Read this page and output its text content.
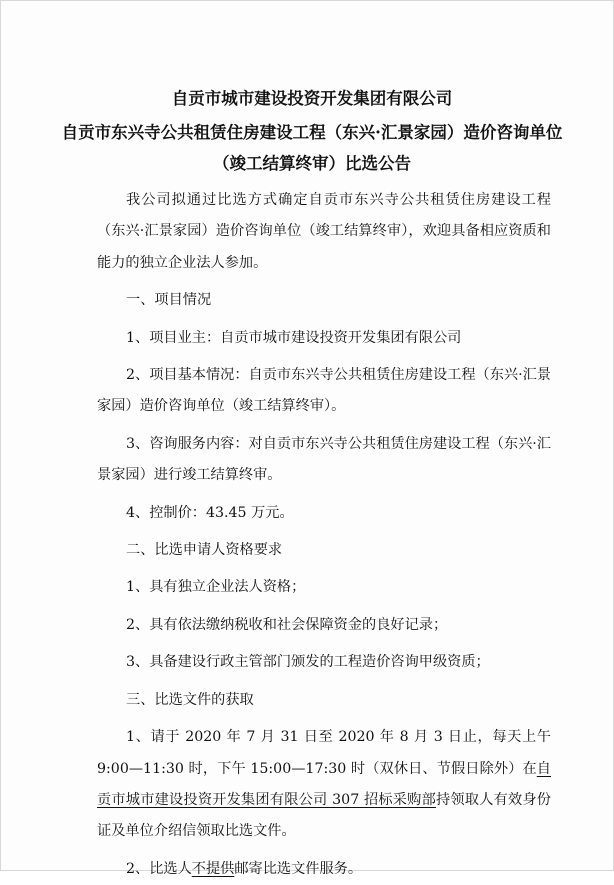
自贡市城市建设投资开发集团有限公司
自贡市东兴寺公共租赁住房建设工程（东兴·汇景家园）造价咨询单位（竣工结算终审）比选公告

我公司拟通过比选方式确定自贡市东兴寺公共租赁住房建设工程（东兴·汇景家园）造价咨询单位（竣工结算终审），欢迎具备相应资质和能力的独立企业法人参加。

一、项目情况

1、项目业主：自贡市城市建设投资开发集团有限公司

2、项目基本情况：自贡市东兴寺公共租赁住房建设工程（东兴·汇景家园）造价咨询单位（竣工结算终审）。

3、咨询服务内容：对自贡市东兴寺公共租赁住房建设工程（东兴·汇景家园）进行竣工结算终审。

4、控制价：43.45 万元。

二、比选申请人资格要求

1、具有独立企业法人资格；

2、具有依法缴纳税收和社会保障资金的良好记录；

3、具备建设行政主管部门颁发的工程造价咨询甲级资质；

三、比选文件的获取

1、请于 2020 年 7 月 31 日至 2020 年 8 月 3 日止，每天上午 9:00—11:30 时，下午 15:00—17:30 时（双休日、节假日除外）在自贡市城市建设投资开发集团有限公司 307 招标采购部持领取人有效身份证及单位介绍信领取比选文件。

2、比选人不提供邮寄比选文件服务。
